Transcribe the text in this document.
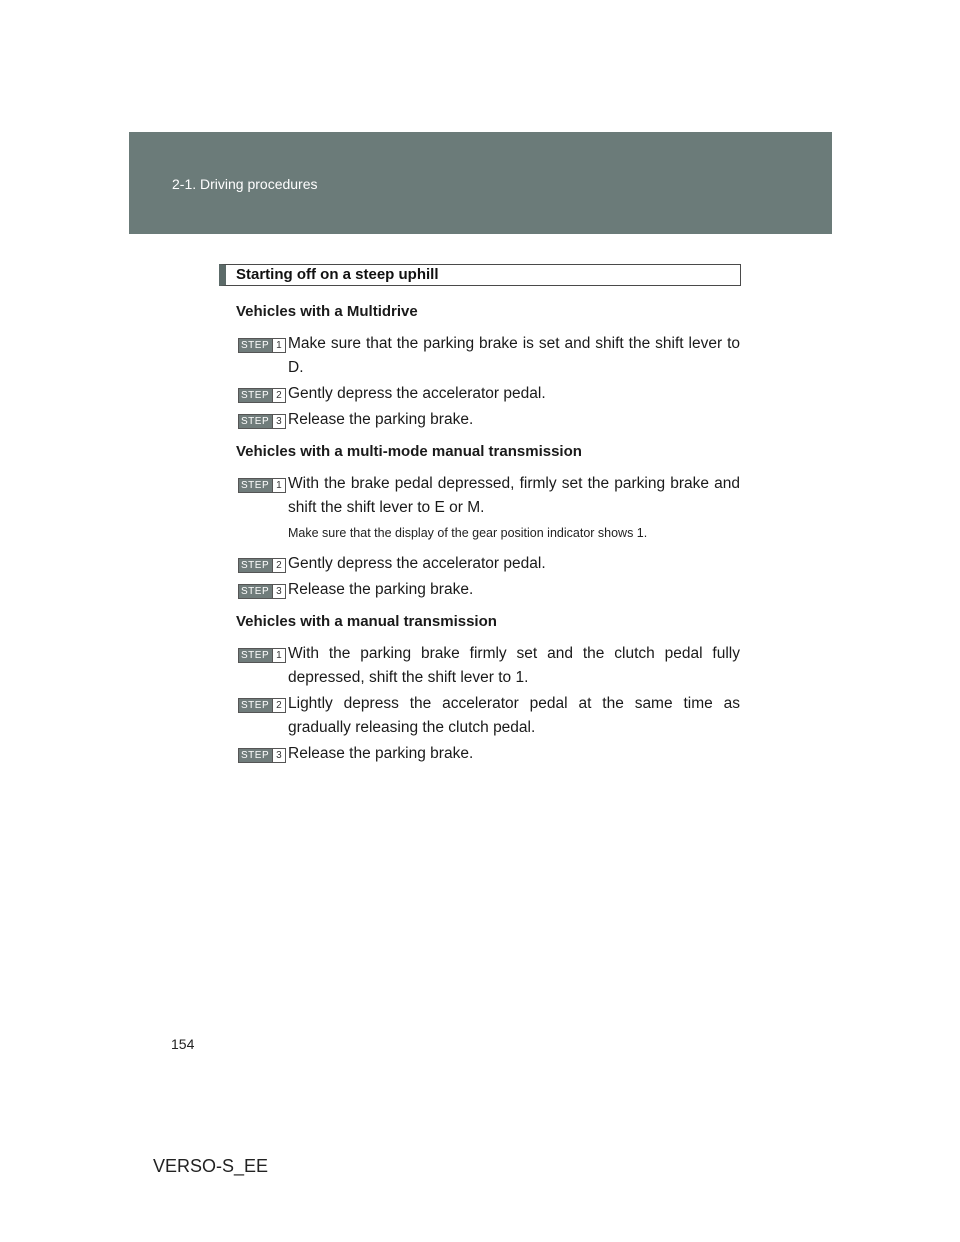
2-1. Driving procedures
Starting off on a steep uphill
Vehicles with a Multidrive
STEP 1 Make sure that the parking brake is set and shift the shift lever to D.
STEP 2 Gently depress the accelerator pedal.
STEP 3 Release the parking brake.
Vehicles with a multi-mode manual transmission
STEP 1 With the brake pedal depressed, firmly set the parking brake and shift the shift lever to E or M.
Make sure that the display of the gear position indicator shows 1.
STEP 2 Gently depress the accelerator pedal.
STEP 3 Release the parking brake.
Vehicles with a manual transmission
STEP 1 With the parking brake firmly set and the clutch pedal fully depressed, shift the shift lever to 1.
STEP 2 Lightly depress the accelerator pedal at the same time as gradually releasing the clutch pedal.
STEP 3 Release the parking brake.
154
VERSO-S_EE
